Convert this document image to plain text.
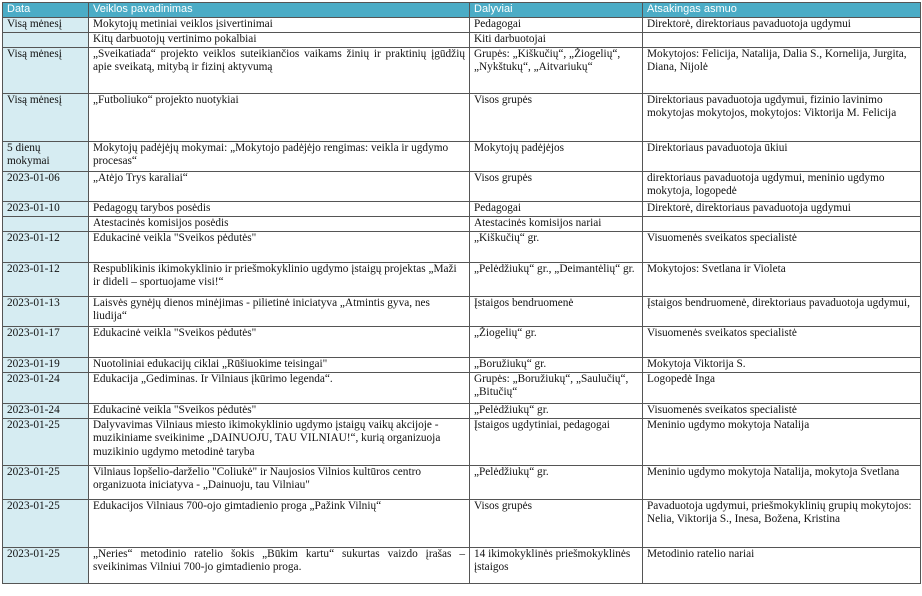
Data	Veiklos pavadinimas	Dalyviai	Atsakingas asmuo
Visą mėnesį	Mokytojų metiniai veiklos įsivertinimai	Pedagogai	Direktorė, direktoriaus pavaduotoja ugdymui
	Kitų darbuotojų vertinimo pokalbiai	Kiti darbuotojai	
Visą mėnesį	„Sveikatiada“ projekto veiklos suteikiančios vaikams žinių ir praktinių įgūdžių apie sveikatą, mitybą ir fizinį aktyvumą	Grupės: „Kiškučių“, „Žiogelių“, „Nykštukų“, „Aitvariukų“	Mokytojos: Felicija, Natalija, Dalia S., Kornelija, Jurgita, Diana, Nijolė
Visą mėnesį	„Futboliuko“ projekto nuotykiai	Visos grupės	Direktoriaus pavaduotoja ugdymui, fizinio lavinimo mokytojas mokytojos, mokytojos: Viktorija M. Felicija
5 dienų mokymai	Mokytojų padėjėjų mokymai: „Mokytojo padėjėjo rengimas: veikla ir ugdymo procesas“	Mokytojų padėjėjos	Direktoriaus pavaduotoja ūkiui
2023-01-06	„Atėjo Trys karaliai“	Visos grupės	direktoriaus pavaduotoja ugdymui, meninio ugdymo mokytoja, logopedė
2023-01-10	Pedagogų tarybos posėdis	Pedagogai	Direktorė, direktoriaus pavaduotoja ugdymui
	Atestacinės komisijos posėdis	Atestacinės komisijos nariai	
2023-01-12	Edukacinė veikla "Sveikos pėdutės"	„Kiškučių“ gr.	Visuomenės sveikatos specialistė
2023-01-12	Respublikinis ikimokyklinio ir priešmokyklinio ugdymo įstaigų projektas „Maži ir dideli – sportuojame visi!“	„Pelėdžiukų“ gr., „Deimantėlių“ gr.	Mokytojos: Svetlana ir Violeta
2023-01-13	Laisvės gynėjų dienos minėjimas - pilietinė iniciatyva „Atmintis gyva, nes liudija“	Įstaigos bendruomenė	Įstaigos bendruomenė, direktoriaus pavaduotoja ugdymui,
2023-01-17	Edukacinė veikla "Sveikos pėdutės"	„Žiogelių“ gr.	Visuomenės sveikatos specialistė
2023-01-19	Nuotoliniai edukacijų ciklai „Rūšiuokime teisingai"	„Boružiukų“ gr.	Mokytoja Viktorija S.
2023-01-24	Edukacija „Gediminas. Ir Vilniaus įkūrimo legenda“.	Grupės: „Boružiukų“, „Saulučių“, „Bitučių“	Logopedė Inga
2023-01-24	Edukacinė veikla "Sveikos pėdutės"	„Pelėdžiukų“ gr.	Visuomenės sveikatos specialistė
2023-01-25	Dalyvavimas Vilniaus miesto ikimokyklinio ugdymo įstaigų vaikų akcijoje - muzikiniame sveikinime „DAINUOJU, TAU VILNIAU!“, kurią organizuoja muzikinio ugdymo metodinė taryba	Įstaigos ugdytiniai, pedagogai	Meninio ugdymo mokytoja Natalija
2023-01-25	Vilniaus lopšelio-darželio "Coliukė" ir Naujosios Vilnios kultūros centro organizuota iniciatyva - „Dainuoju, tau Vilniau"	„Pelėdžiukų“ gr.	Meninio ugdymo mokytoja Natalija, mokytoja Svetlana
2023-01-25	Edukacijos Vilniaus 700-ojo gimtadienio proga „Pažink Vilnių“	Visos grupės	Pavaduotoja ugdymui, priešmokyklinių grupių mokytojos: Nelia, Viktorija S., Inesa, Božena, Kristina
2023-01-25	„Neries“ metodinio ratelio šokis „Būkim kartu“ sukurtas vaizdo įrašas – sveikinimas Vilniui 700-jo gimtadienio proga.	14 ikimokyklinės priešmokyklinės įstaigos	Metodinio ratelio nariai
